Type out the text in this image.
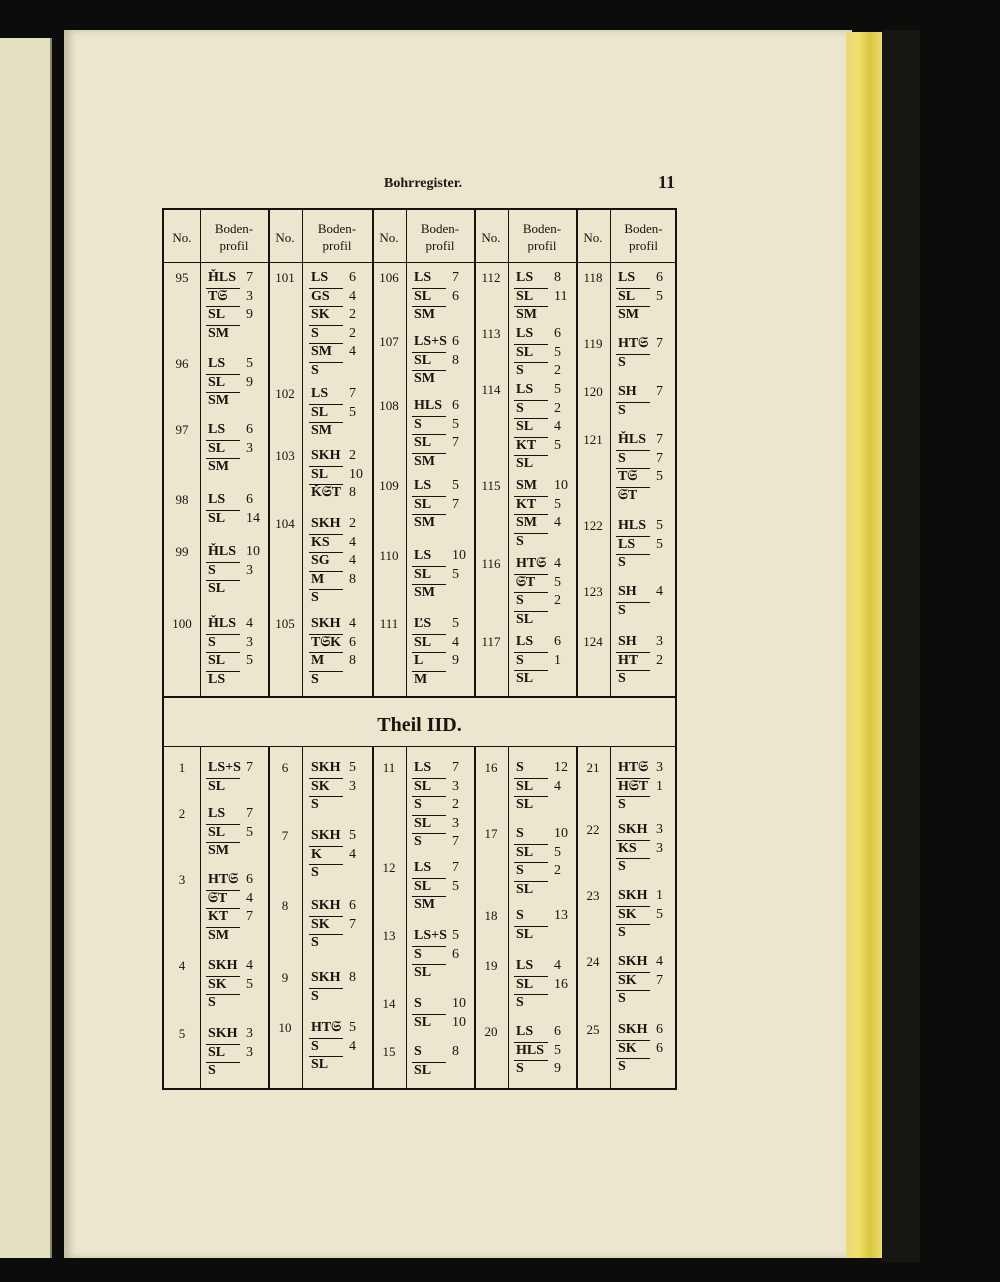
Bohrregister.	11
No.
Boden-
profil
No.
Boden-
profil
No.
Boden-
profil
No.
Boden-
profil
No.
Boden-
profil
Theil IID.
95	ȞLS 7
T𝔖 3
SL 9
SM
96	LS 5
SL 9
SM
97	LS 6
SL 3
SM
98	LS 6
SL 14
99	ȞLS 10
S 3
SL
100	ȞLS 4
S 3
SL 5
LS
101	LS 6
GS 4
SK 2
S 2
SM 4
S
102	LS 7
SL 5
SM
103	SKH 2
SL 10
Ǩ𝔖T 8
104	SKH 2
KS 4
SG 4
M 8
S
105	SKH 4
T𝔖K 6
M 8
S
106	LS 7
SL 6
SM
107	LS+S 6
SL 8
SM
108	HLS 6
S 5
SL 7
SM
109	LS 5
SL 7
SM
110	LS 10
SL 5
SM
111	ĽS 5
SL 4
L 9
M
112	LS 8
SL 11
SM
113	LS 6
SL 5
S 2
114	LS 5
S 2
SL 4
KT 5
SL
115	SM 10
KT 5
SM 4
S
116	HT𝔖 4
𝔖T 5
S 2
SL
117	LS 6
S 1
SL
118	LS 6
SL 5
SM
119	HT𝔖 7
S
120	SH 7
S
121	ȞLS 7
S 7
T𝔖 5
𝔖T
122	HLS 5
LS 5
S
123	SH 4
S
124	SH 3
HT 2
S
1	LS+S 7
SL
2	LS 7
SL 5
SM
3	HT𝔖 6
𝔖T 4
KT 7
SM
4	SKH 4
SK 5
S
5	SKH 3
SL 3
S
6	SKH 5
SK 3
S
7	SKH 5
K 4
S
8	SKH 6
SK 7
S
9	SKH 8
S
10	HT𝔖 5
S 4
SL
11	LS 7
SL 3
S 2
SL 3
S 7
12	LS 7
SL 5
SM
13	LS+S 5
S 6
SL
14	S 10
SL 10
15	S 8
SL
16	S 12
SL 4
SL
17	S 10
SL 5
S 2
SL
18	S 13
SL
19	LS 4
SL 16
S
20	LS 6
HLS 5
S 9
21	HT𝔖 3
H𝔖T 1
S
22	SKH 3
KS 3
S
23	SKH 1
SK 5
S
24	SKH 4
SK 7
S
25	SKH 6
SK 6
S
